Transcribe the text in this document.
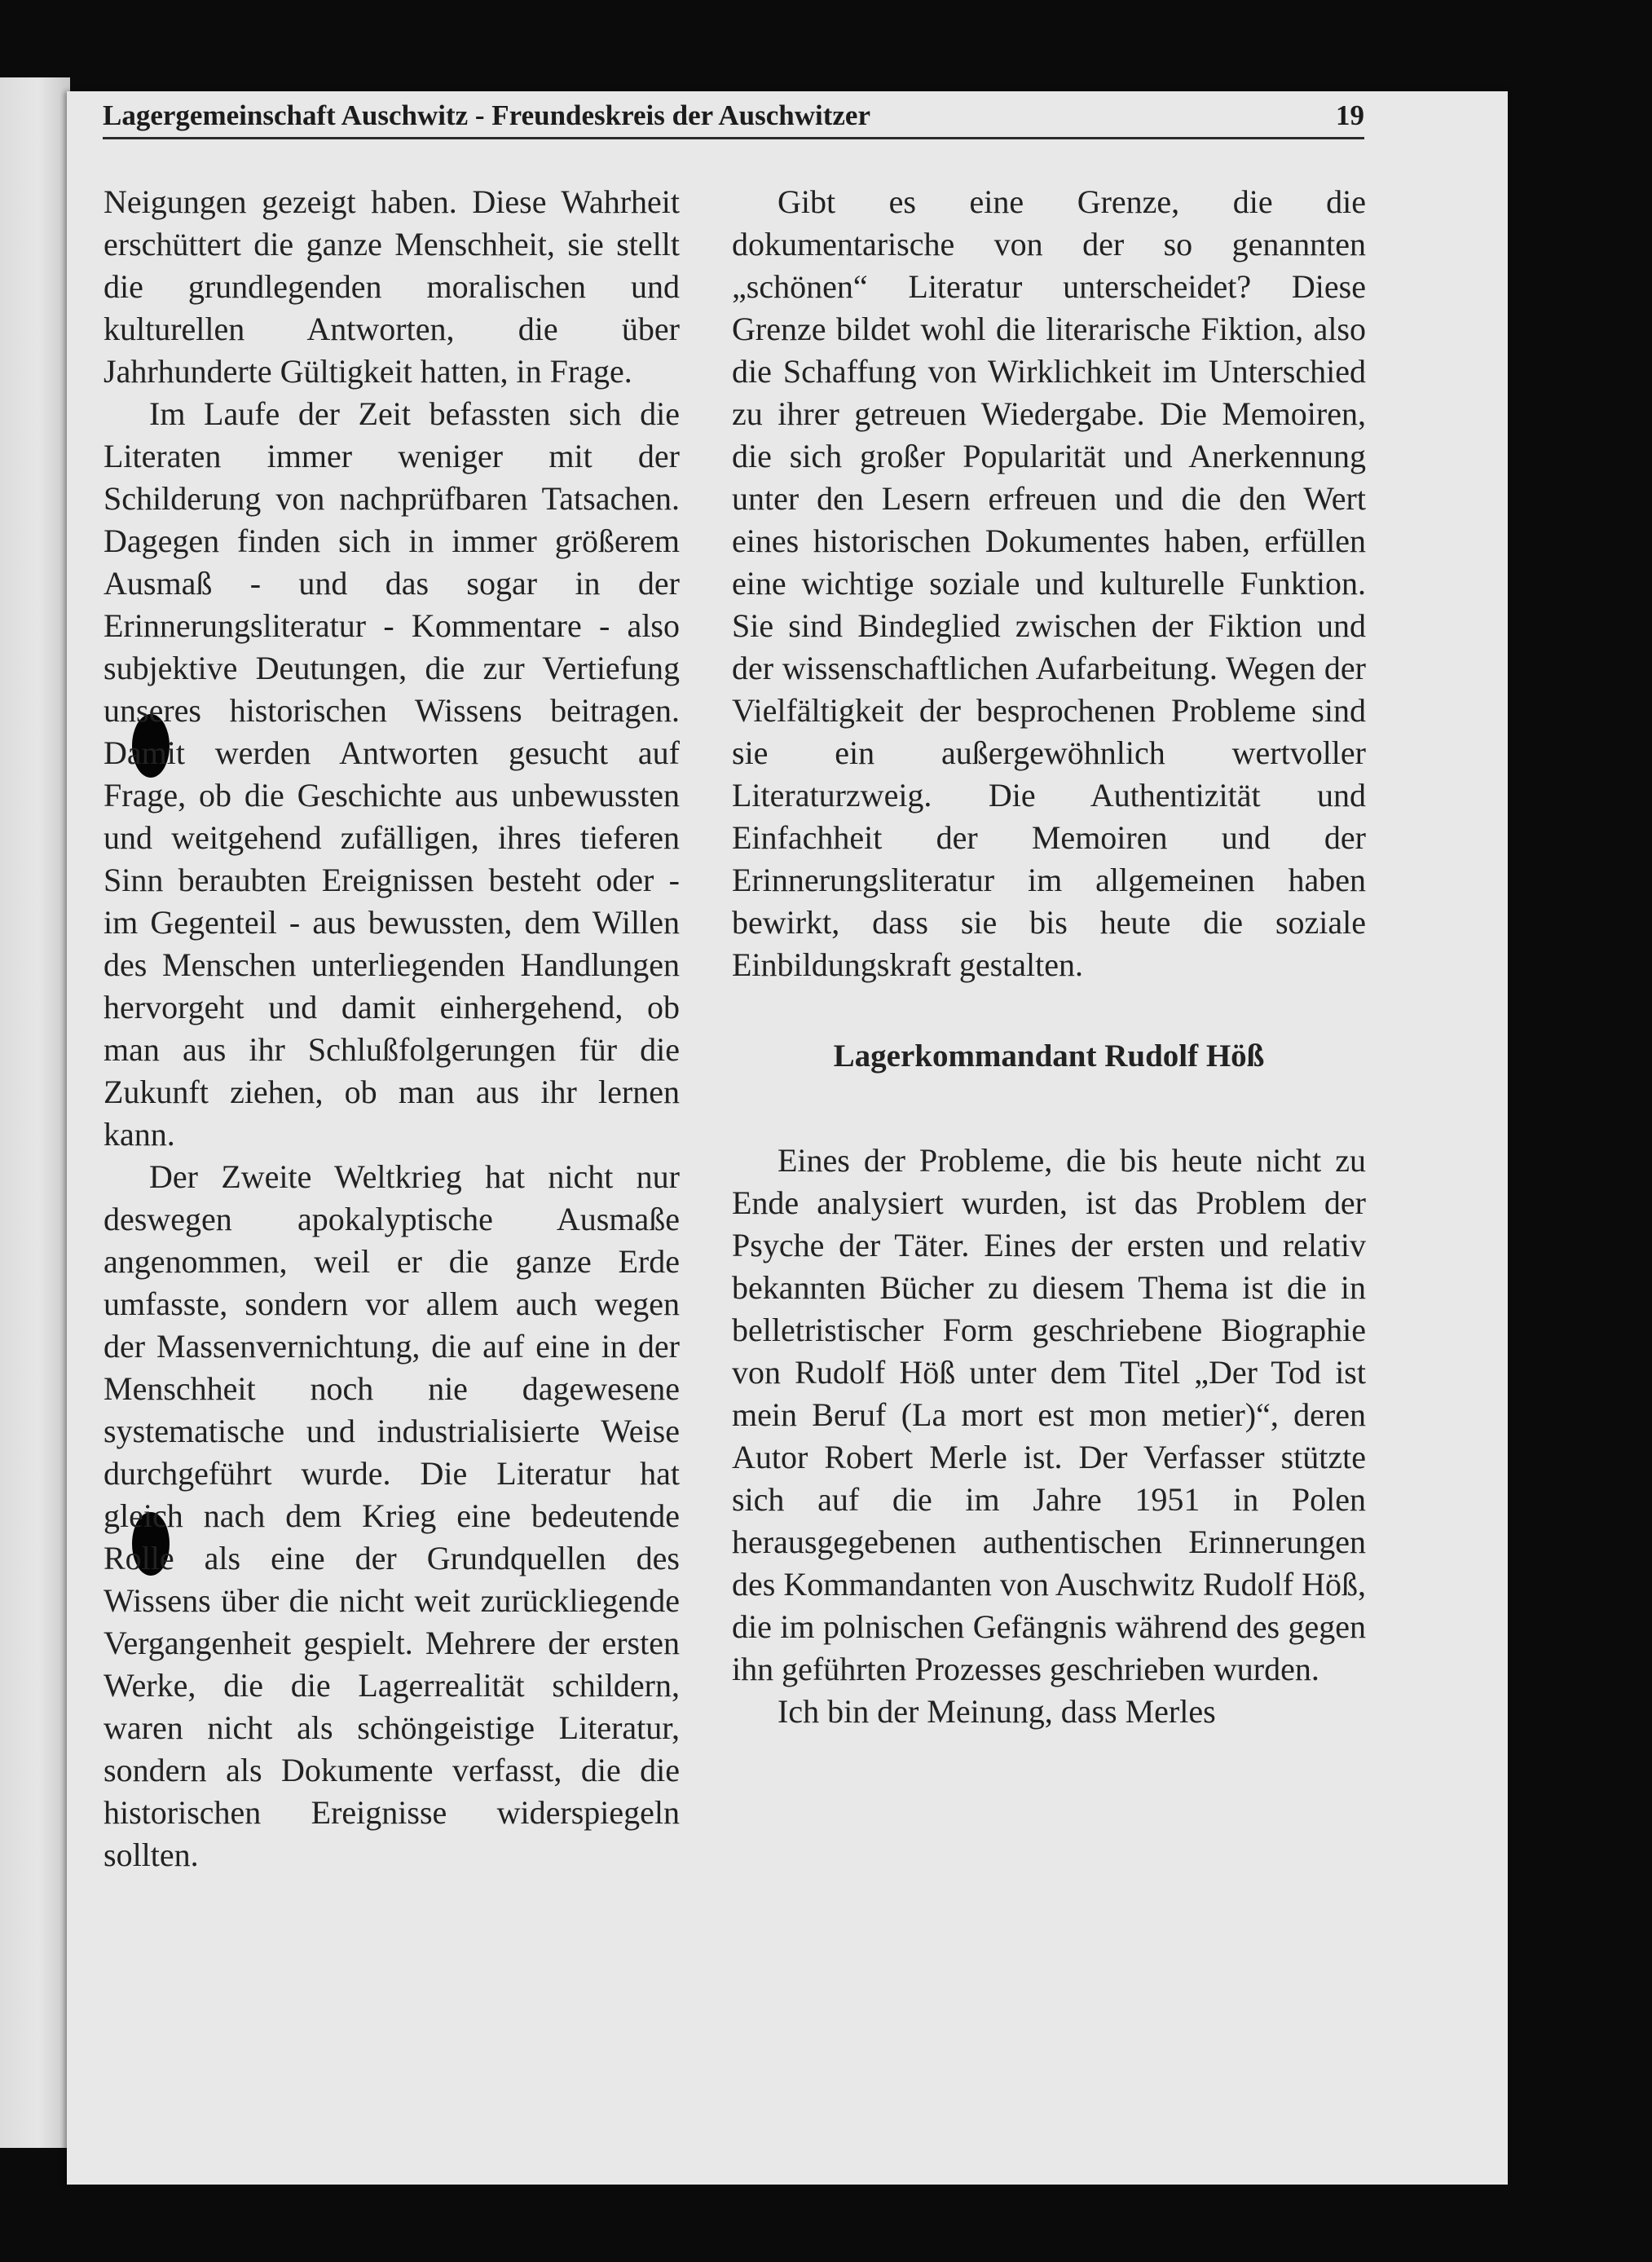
Lagergemeinschaft Auschwitz - Freundeskreis der Auschwitzer	19

Neigungen gezeigt haben. Diese Wahrheit erschüttert die ganze Menschheit, sie stellt die grundlegenden moralischen und kulturellen Antworten, die über Jahrhunderte Gültigkeit hatten, in Frage.

Im Laufe der Zeit befassten sich die Literaten immer weniger mit der Schilderung von nachprüfbaren Tatsachen. Dagegen finden sich in immer größerem Ausmaß - und das sogar in der Erinnerungsliteratur - Kommentare - also subjektive Deutungen, die zur Vertiefung unseres historischen Wissens beitragen. Damit werden Antworten gesucht auf Frage, ob die Geschichte aus unbewussten und weitgehend zufälligen, ihres tieferen Sinn beraubten Ereignissen besteht oder - im Gegenteil - aus bewussten, dem Willen des Menschen unterliegenden Handlungen hervorgeht und damit einhergehend, ob man aus ihr Schlußfolgerungen für die Zukunft ziehen, ob man aus ihr lernen kann.

Der Zweite Weltkrieg hat nicht nur deswegen apokalyptische Ausmaße angenommen, weil er die ganze Erde umfasste, sondern vor allem auch wegen der Massenvernichtung, die auf eine in der Menschheit noch nie dagewesene systematische und industrialisierte Weise durchgeführt wurde. Die Literatur hat gleich nach dem Krieg eine bedeutende Rolle als eine der Grundquellen des Wissens über die nicht weit zurückliegende Vergangenheit gespielt. Mehrere der ersten Werke, die die Lagerrealität schildern, waren nicht als schöngeistige Literatur, sondern als Dokumente verfasst, die die historischen Ereignisse widerspiegeln sollten.

Gibt es eine Grenze, die die dokumentarische von der so genannten „schönen“ Literatur unterscheidet? Diese Grenze bildet wohl die literarische Fiktion, also die Schaffung von Wirklichkeit im Unterschied zu ihrer getreuen Wiedergabe. Die Memoiren, die sich großer Popularität und Anerkennung unter den Lesern erfreuen und die den Wert eines historischen Dokumentes haben, erfüllen eine wichtige soziale und kulturelle Funktion. Sie sind Bindeglied zwischen der Fiktion und der wissenschaftlichen Aufarbeitung. Wegen der Vielfältigkeit der besprochenen Probleme sind sie ein außergewöhnlich wertvoller Literaturzweig. Die Authentizität und Einfachheit der Memoiren und der Erinnerungsliteratur im allgemeinen haben bewirkt, dass sie bis heute die soziale Einbildungskraft gestalten.

Lagerkommandant Rudolf Höß

Eines der Probleme, die bis heute nicht zu Ende analysiert wurden, ist das Problem der Psyche der Täter. Eines der ersten und relativ bekannten Bücher zu diesem Thema ist die in belletristischer Form geschriebene Biographie von Rudolf Höß unter dem Titel „Der Tod ist mein Beruf (La mort est mon metier)“, deren Autor Robert Merle ist. Der Verfasser stützte sich auf die im Jahre 1951 in Polen herausgegebenen authentischen Erinnerungen des Kommandanten von Auschwitz Rudolf Höß, die im polnischen Gefängnis während des gegen ihn geführten Prozesses geschrieben wurden.

Ich bin der Meinung, dass Merles
